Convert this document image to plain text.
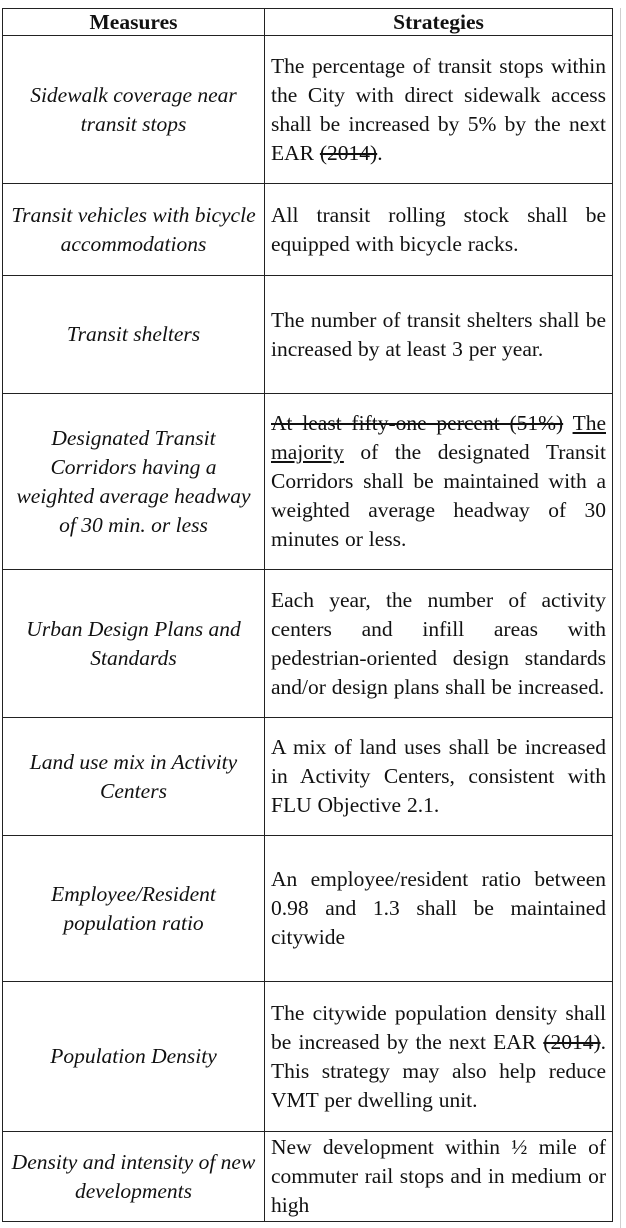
Measures	Strategies
Sidewalk coverage near transit stops	The percentage of transit stops within the City with direct sidewalk access shall be increased by 5% by the next EAR (2014).
Transit vehicles with bicycle accommodations	All transit rolling stock shall be equipped with bicycle racks.
Transit shelters	The number of transit shelters shall be increased by at least 3 per year.
Designated Transit Corridors having a weighted average headway of 30 min. or less	At least fifty-one percent (51%) The majority of the designated Transit Corridors shall be maintained with a weighted average headway of 30 minutes or less.
Urban Design Plans and Standards	Each year, the number of activity centers and infill areas with pedestrian-oriented design standards and/or design plans shall be increased.
Land use mix in Activity Centers	A mix of land uses shall be increased in Activity Centers, consistent with FLU Objective 2.1.
Employee/Resident population ratio	An employee/resident ratio between 0.98 and 1.3 shall be maintained citywide
Population Density	The citywide population density shall be increased by the next EAR (2014). This strategy may also help reduce VMT per dwelling unit.
Density and intensity of new developments	New development within ½ mile of commuter rail stops and in medium or high
